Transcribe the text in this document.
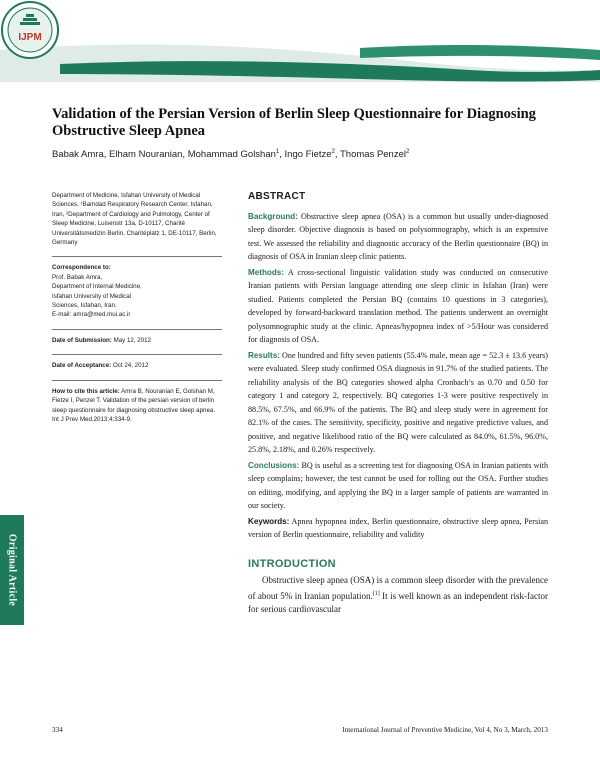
IJPM
www.ijpm.ir
Validation of the Persian Version of Berlin Sleep Questionnaire for Diagnosing Obstructive Sleep Apnea
Babak Amra, Elham Nouranian, Mohammad Golshan$^1$, Ingo Fietze$^2$, Thomas Penzel$^2$
Department of Medicine, Isfahan University of Medical Sciences, ¹Bamdad Respiratory Research Center, Isfahan, Iran, ²Department of Cardiology and Pulmology, Center of Sleep Medicine, Luisenstr 13a, D-10117, Charité Universitätsmedizin Berlin, Charitéplatz 1, DE-10117, Berlin, Germany
Correspondence to:
Prof. Babak Amra,
Department of Internal Medicine,
Isfahan University of Medical
Sciences, Isfahan, Iran.
E-mail: amra@med.mui.ac.ir
Date of Submission: May 12, 2012
Date of Acceptance: Oct 24, 2012
How to cite this article: Amra B, Nouranian E, Golshan M, Fietze I, Penzel T. Validation of the persian version of berlin sleep questionnaire for diagnosing obstructive sleep apnea. Int J Prev Med.2013;4:334-9.
Original Article
ABSTRACT

Background: Obstructive sleep apnea (OSA) is a common but usually under-diagnosed sleep disorder. Objective diagnosis is based on polysomnography, which is an expensive test. We assessed the reliability and diagnostic accuracy of the Berlin questionnaire (BQ) in diagnosis of OSA in Iranian sleep clinic patients.

Methods: A cross-sectional linguistic validation study was conducted on consecutive Iranian patients with Persian language attending one sleep clinic in Isfahan (Iran) were studied. Patients completed the Persian BQ (contains 10 questions in 3 categories), developed by forward-backward translation method. The patients underwent an overnight polysomnographic study at the clinic. Apneas/hypopnea index of >5/Hour was considered for diagnosis of OSA.

Results: One hundred and fifty seven patients (55.4% male, mean age = 52.3 ± 13.6 years) were evaluated. Sleep study confirmed OSA diagnosis in 91.7% of the studied patients. The reliability analysis of the BQ categories showed alpha Cronbach’s as 0.70 and 0.50 for category 1 and category 2, respectively. BQ categories 1-3 were positive respectively in 88.5%, 67.5%, and 66.9% of the patients. The BQ and sleep study were in agreement for 82.1% of the cases. The sensitivity, specificity, positive and negative predictive values, and positive, and negative likelihood ratio of the BQ were calculated as 84.0%, 61.5%, 96.0%, 25.8%, 2.18%, and 0.26% respectively.

Conclusions: BQ is useful as a screening test for diagnosing OSA in Iranian patients with sleep complains; however, the test cannot be used for rolling out the OSA. Further studies on editing, modifying, and applying the BQ in a larger sample of patients are warranted in our society.

Keywords: Apnea hypopnea index, Berlin questionnaire, obstructive sleep apnea, Persian version of Berlin questionnaire, reliability and validity

INTRODUCTION

Obstructive sleep apnea (OSA) is a common sleep disorder with the prevalence of about 5% in Iranian population.[1] It is well known as an independent risk-factor for serious cardiovascular

334	International Journal of Preventive Medicine, Vol 4, No 3, March, 2013
